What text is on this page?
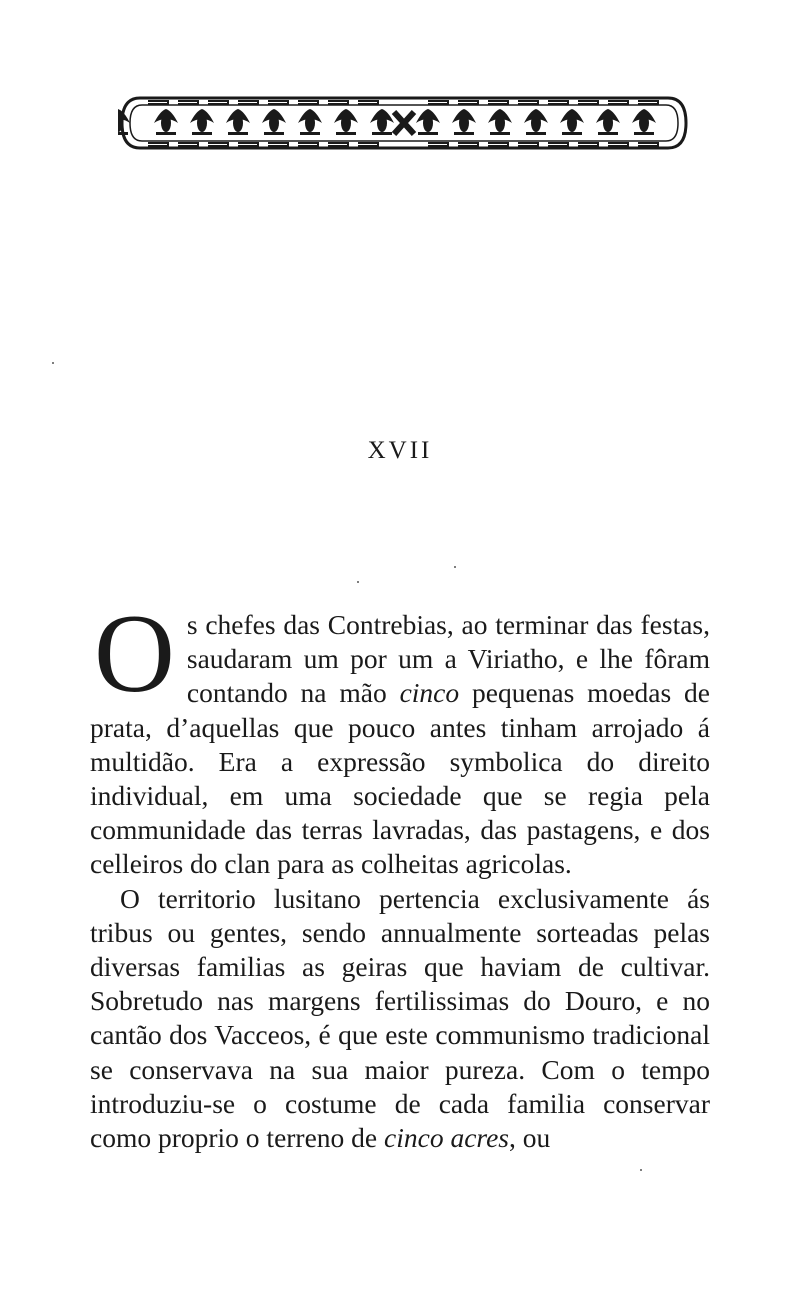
XVII

Os chefes das Contrebias, ao terminar das festas, saudaram um por um a Viriatho, e lhe fôram contando na mão cinco pequenas moedas de prata, d’aquellas que pouco antes tinham arrojado á multidão. Era a expressão symbolica do direito individual, em uma sociedade que se regia pela communidade das terras lavradas, das pastagens, e dos celleiros do clan para as colheitas agricolas.

O territorio lusitano pertencia exclusivamente ás tribus ou gentes, sendo annualmente sorteadas pelas diversas familias as geiras que haviam de cultivar. Sobretudo nas margens fertilissimas do Douro, e no cantão dos Vacceos, é que este communismo tradicional se conservava na sua maior pureza. Com o tempo introduziu-se o costume de cada familia conservar como proprio o terreno de cinco acres, ou
